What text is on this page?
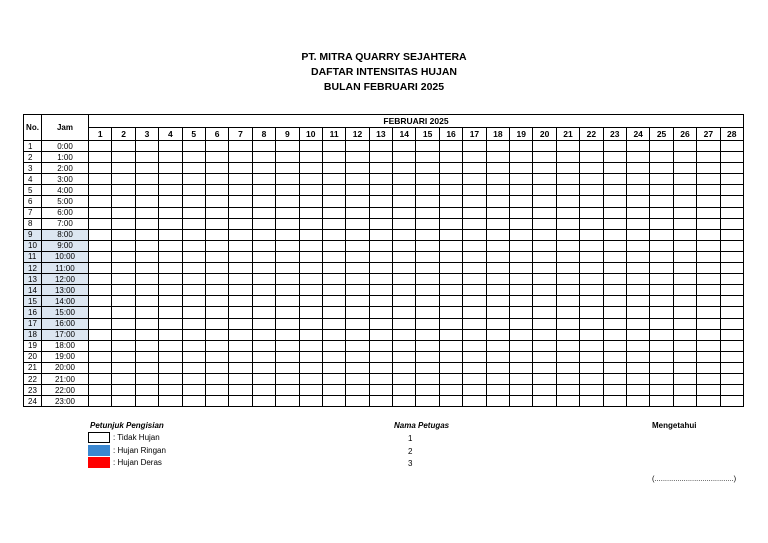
PT. MITRA QUARRY SEJAHTERA
DAFTAR INTENSITAS HUJAN
BULAN FEBRUARI 2025
No.	Jam	FEBRUARI 2025																											
		1	2	3	4	5	6	7	8	9	10	11	12	13	14	15	16	17	18	19	20	21	22	23	24	25	26	27	28
1	0:00																												
2	1:00																												
3	2:00																												
4	3:00																												
5	4:00																												
6	5:00																												
7	6:00																												
8	7:00																												
9	8:00																												
10	9:00																												
11	10:00																												
12	11:00																												
13	12:00																												
14	13:00																												
15	14:00																												
16	15:00																												
17	16:00																												
18	17:00																												
19	18:00																												
20	19:00																												
21	20:00																												
22	21:00																												
23	22:00																												
24	23:00																												
Petunjuk Pengisian
: Tidak Hujan
: Hujan Ringan
: Hujan Deras
Nama Petugas
1
2
3
Mengetahui
(......................................)
